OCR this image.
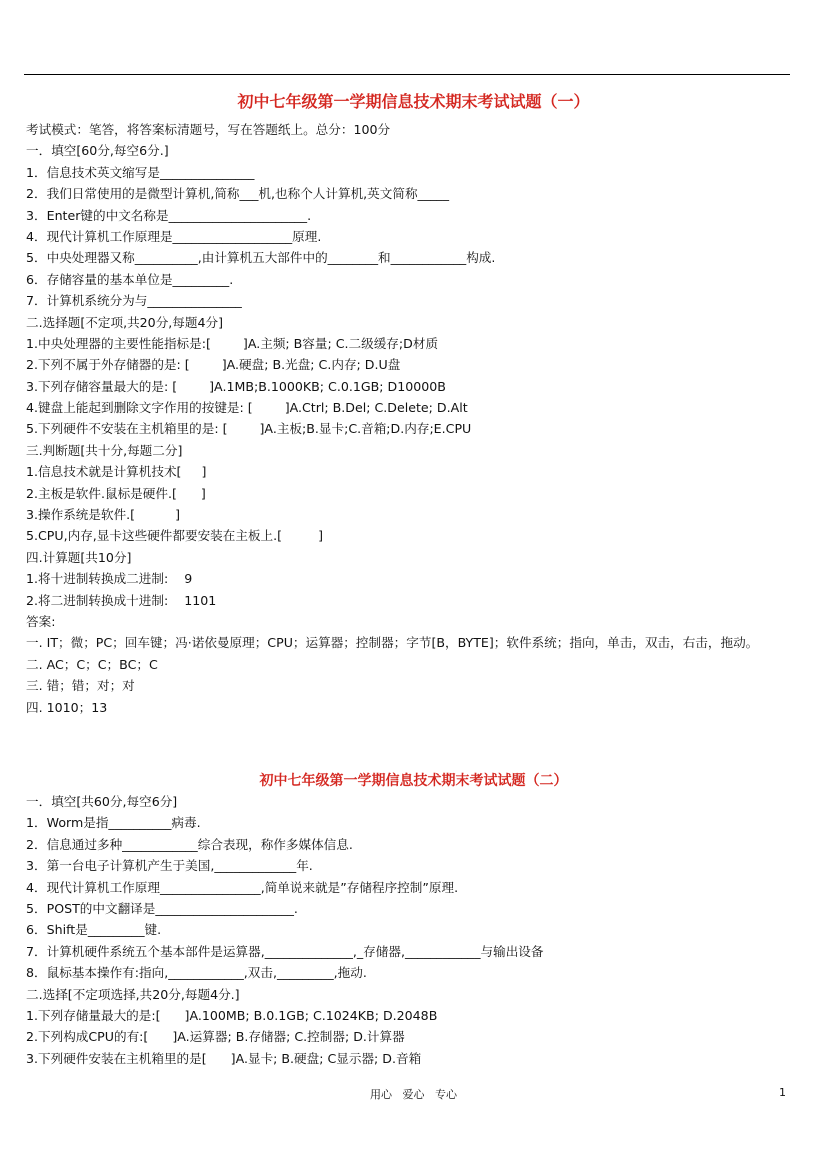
初中七年级第一学期信息技术期末考试试题（一）
考试模式：笔答，将答案标清题号，写在答题纸上。总分：100分
一．填空[60分,每空6分.]
1．信息技术英文缩写是_______________
2．我们日常使用的是微型计算机,简称___机,也称个人计算机,英文简称_____
3．Enter键的中文名称是______________________.
4．现代计算机工作原理是___________________原理.
5．中央处理器又称__________,由计算机五大部件中的________和____________构成.
6．存储容量的基本单位是_________.
7．计算机系统分为与_______________
二.选择题[不定项,共20分,每题4分]
1.中央处理器的主要性能指标是:[        ]A.主频; B容量; C.二级缓存;D材质
2.下列不属于外存储器的是: [        ]A.硬盘; B.光盘; C.内存; D.U盘
3.下列存储容量最大的是: [        ]A.1MB;B.1000KB; C.0.1GB; D10000B
4.键盘上能起到删除文字作用的按键是: [        ]A.Ctrl; B.Del; C.Delete; D.Alt
5.下列硬件不安装在主机箱里的是: [        ]A.主板;B.显卡;C.音箱;D.内存;E.CPU
三.判断题[共十分,每题二分]
1.信息技术就是计算机技术[     ]
2.主板是软件.鼠标是硬件.[      ]
3.操作系统是软件.[          ]
5.CPU,内存,显卡这些硬件都要安装在主板上.[         ]
四.计算题[共10分]
1.将十进制转换成二进制:    9
2.将二进制转换成十进制:    1101
答案:
一. IT；微；PC；回车键；冯·诺依曼原理；CPU；运算器；控制器；字节[B，BYTE]；软件系统；指向，单击，双击，右击，拖动。
二. AC；C；C；BC；C
三. 错；错；对；对
四. 1010；13
初中七年级第一学期信息技术期末考试试题（二）
一．填空[共60分,每空6分]
1．Worm是指__________病毒.
2．信息通过多种____________综合表现，称作多媒体信息.
3．第一台电子计算机产生于美国,_____________年.
4．现代计算机工作原理________________,简单说来就是”存储程序控制”原理.
5．POST的中文翻译是______________________.
6．Shift是_________键.
7．计算机硬件系统五个基本部件是运算器,______________,_存储器,____________与输出设备
8．鼠标基本操作有:指向,____________,双击,_________,拖动.
二.选择[不定项选择,共20分,每题4分.]
1.下列存储量最大的是:[      ]A.100MB; B.0.1GB; C.1024KB; D.2048B
2.下列构成CPU的有:[      ]A.运算器; B.存储器; C.控制器; D.计算器
3.下列硬件安装在主机箱里的是[      ]A.显卡; B.硬盘; C显示器; D.音箱
用心   爱心   专心	1
